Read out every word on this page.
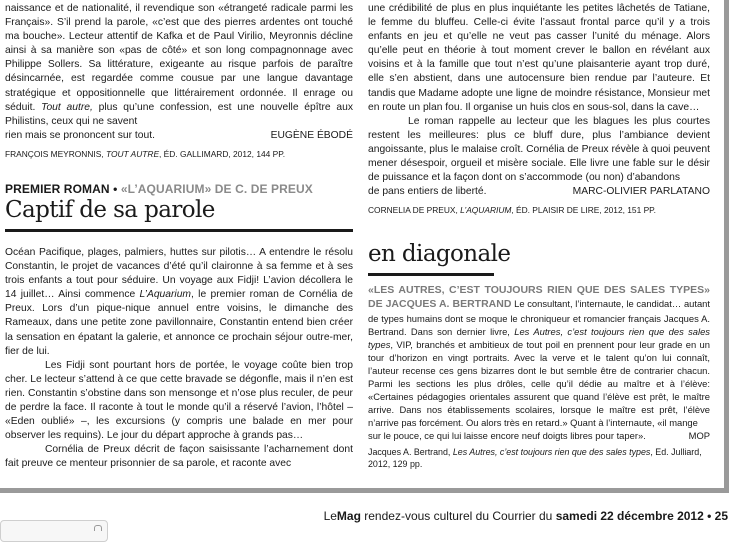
naissance et de nationalité, il revendique son «étrangeté radicale parmi les Français». S’il prend la parole, «c’est que des pierres ardentes ont touché ma bouche». Lecteur attentif de Kafka et de Paul Virilio, Meyronnis décline ainsi à sa manière son «pas de côté» et son long compagnonnage avec Philippe Sollers. Sa littérature, exigeante au risque parfois de paraître désincarnée, est regardée comme cousue par une langue davantage stratégique et oppositionnelle que littérairement ordonnée. Il enrage ou séduit. Tout autre, plus qu’une confession, est une nouvelle épître aux Philistins, ceux qui ne savent

rien mais se prononcent sur tout.	EUGÈNE ÉBODÉ
FRANÇOIS MEYRONNIS, TOUT AUTRE, ÉD. GALLIMARD, 2012, 144 PP.
PREMIER ROMAN • «L’AQUARIUM» DE C. DE PREUX
Captif de sa parole

Océan Pacifique, plages, palmiers, huttes sur pilotis… A entendre le résolu Constantin, le projet de vacances d’été qu’il claironne à sa femme et à ses trois enfants a tout pour séduire. Un voyage aux Fidji! L’avion décollera le 14 juillet… Ainsi commence L’Aquarium, le premier roman de Cornélia de Preux. Lors d’un pique-nique annuel entre voisins, le dimanche des Rameaux, dans une petite zone pavillonnaire, Constantin entend bien créer la sensation en épatant la galerie, et annonce ce prochain séjour outre-mer, fier de lui.

Les Fidji sont pourtant hors de portée, le voyage coûte bien trop cher. Le lecteur s’attend à ce que cette bravade se dégonfle, mais il n’en est rien. Constantin s’obstine dans son mensonge et n’ose plus reculer, de peur de perdre la face. Il raconte à tout le monde qu’il a réservé l’avion, l’hôtel – «Eden oublié» –, les excursions (y compris une balade en mer pour observer les requins). Le jour du départ approche à grands pas…

Cornélia de Preux décrit de façon saisissante l’acharnement dont fait preuve ce menteur prisonnier de sa parole, et raconte avec

une crédibilité de plus en plus inquiétante les petites lâchetés de Tatiane, le femme du bluffeu. Celle-ci évite l’assaut frontal parce qu’il y a trois enfants en jeu et qu’elle ne veut pas casser l’unité du ménage. Alors qu’elle peut en théorie à tout moment crever le ballon en révélant aux voisins et à la famille que tout n’est qu’une plaisanterie ayant trop duré, elle s’en abstient, dans une autocensure bien rendue par l’auteure. Et tandis que Madame adopte une ligne de moindre résistance, Monsieur met en route un plan fou. Il organise un huis clos en sous-sol, dans la cave…

Le roman rappelle au lecteur que les blagues les plus courtes restent les meilleures: plus ce bluff dure, plus l’ambiance devient angoissante, plus le malaise croît. Cornélia de Preux révèle à quoi peuvent mener désespoir, orgueil et misère sociale. Elle livre une fable sur le désir de puissance et la façon dont on s’accommode (ou non) d’abandons

de pans entiers de liberté.	MARC-OLIVIER PARLATANO
CORNELIA DE PREUX, L’AQUARIUM, ÉD. PLAISIR DE LIRE, 2012, 151 PP.
en diagonale

«LES AUTRES, C’EST TOUJOURS RIEN QUE DES SALES TYPES» DE JACQUES A. BERTRAND Le consultant, l’internaute, le candidat… autant de types humains dont se moque le chroniqueur et romancier français Jacques A. Bertrand. Dans son dernier livre, Les Autres, c’est toujours rien que des sales types, VIP, branchés et ambitieux de tout poil en prennent pour leur grade en un tour d’horizon en vingt portraits. Avec la verve et le talent qu’on lui connaît, l’auteur recense ces gens bizarres dont le but semble être de contrarier chacun. Parmi les sections les plus drôles, celle qu’il dédie au maître et à l’élève: «Certaines pédagogies orientales assurent que quand l’élève est prêt, le maître arrive. Dans nos établissements scolaires, lorsque le maître est prêt, l’élève n’arrive pas forcément. Ou alors très en retard.» Quant à l’internaute, «il mange

sur le pouce, ce qui lui laisse encore neuf doigts libres pour taper».	MOP
Jacques A. Bertrand, Les Autres, c’est toujours rien que des sales types, Ed. Julliard, 2012, 129 pp.
LeMag rendez-vous culturel du Courrier du samedi 22 décembre 2012 • 25
